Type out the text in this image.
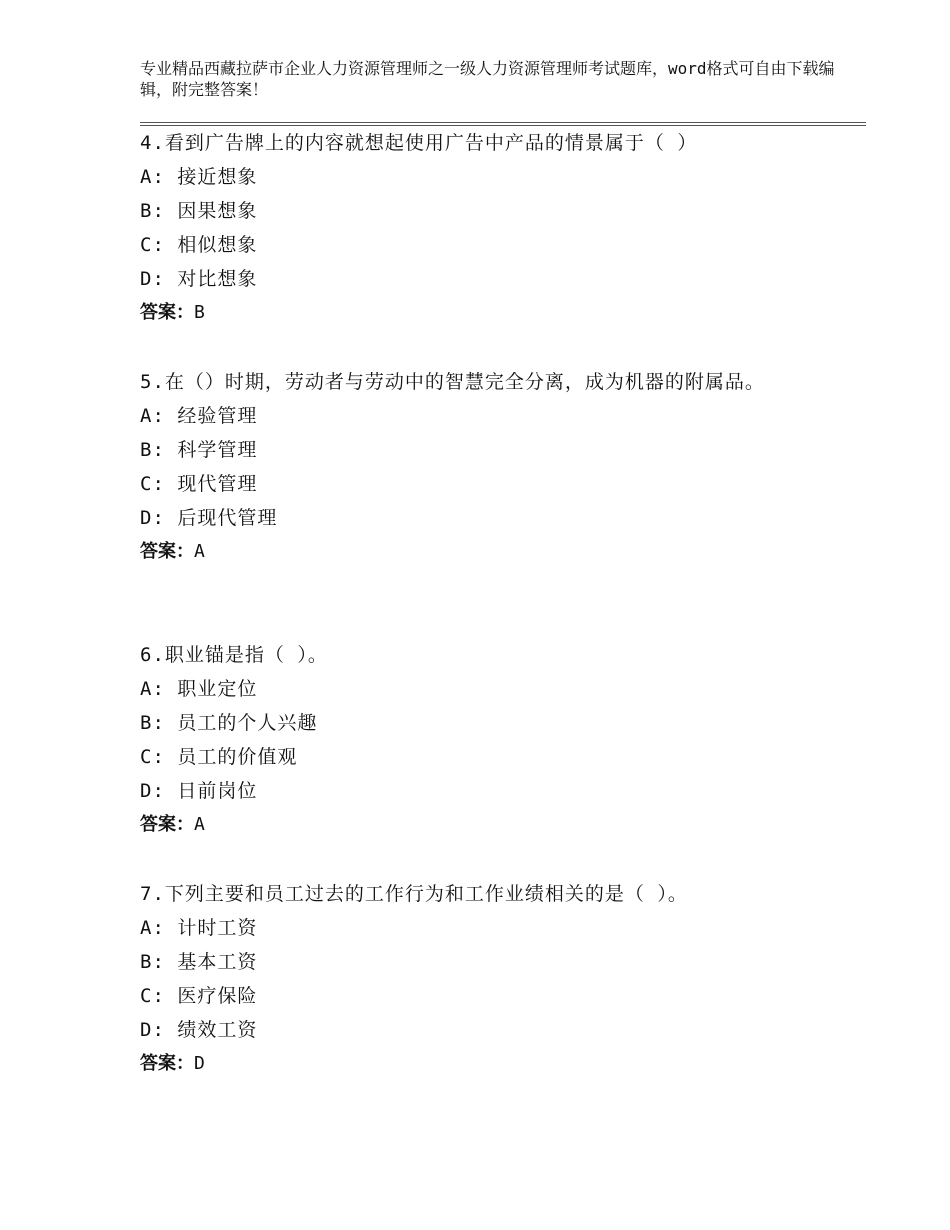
专业精品西藏拉萨市企业人力资源管理师之一级人力资源管理师考试题库，word格式可自由下载编辑，附完整答案！
4.看到广告牌上的内容就想起使用广告中产品的情景属于（ ）
A: 接近想象
B: 因果想象
C: 相似想象
D: 对比想象
答案：B
5.在（）时期，劳动者与劳动中的智慧完全分离，成为机器的附属品。
A: 经验管理
B: 科学管理
C: 现代管理
D: 后现代管理
答案：A
6.职业锚是指（ ）。
A: 职业定位
B: 员工的个人兴趣
C: 员工的价值观
D: 日前岗位
答案：A
7.下列主要和员工过去的工作行为和工作业绩相关的是（ ）。
A: 计时工资
B: 基本工资
C: 医疗保险
D: 绩效工资
答案：D
